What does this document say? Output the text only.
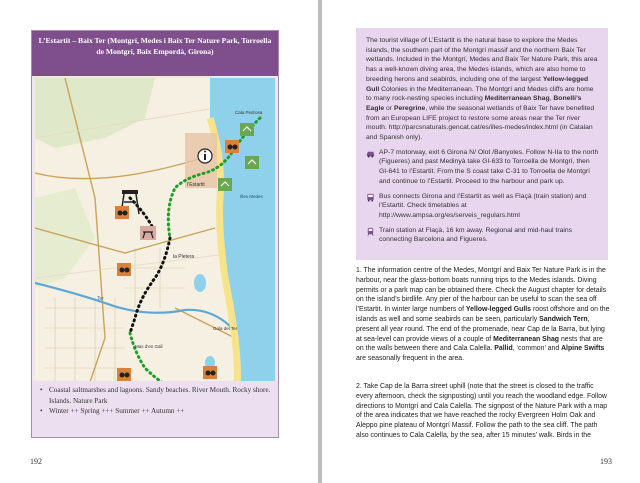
L’Estartit – Baix Ter (Montgrí, Medes i Baix Ter Nature Park, Torroella de Montgrí, Baix Empordà, Girona)
l’Estartit
la Pletera
Cala Pedrosa
Ter
Illes Medes
Mas d’en Gall
Gola del Ter
• Coastal saltmarshes and lagoons. Sandy beaches. River Mouth. Rocky shore. Islands. Nature Park
• Winter ++ Spring +++ Summer ++ Autumn ++
192
The tourist village of L’Estartit is the natural base to explore the Medes islands, the southern part of the Montgrí massif and the northern Baix Ter wetlands. Included in the Montgrí, Medes and Baix Ter Nature Park, this area has a well-known diving area, the Medes islands, which are also home to breeding herons and seabirds, including one of the largest Yellow-legged Gull Colonies in the Mediterranean. The Montgrí and Medes cliffs are home to many rock-nesting species including Mediterranean Shag, Bonelli’s Eagle or Peregrine, while the seasonal wetlands of Baix Ter have benefited from an European LIFE project to restore some areas near the Ter river mouth. http://parcsnaturals.gencat.cat/es/illes-medes/index.html (in Catalan and Spanish only).
AP-7 motorway, exit 6 Girona N/ Olot /Banyoles. Follow N-IIa to the north (Figueres) and past Medinyà take GI-633 to Torroella de Montgrí, then GI-641 to l’Estartit. From the S coast take C-31 to Torroella de Montgrí and continue to l’Estartit. Proceed to the harbour and park up.
Bus connects Girona and l’Estartit as well as Flaçà (train station) and l’Estartit. Check timetables at http://www.ampsa.org/es/serveis_regulars.html
Train station at Flaçà, 16 km away. Regional and mid-haul trains connecting Barcelona and Figueres.
1. The information centre of the Medes, Montgrí and Baix Ter Nature Park is in the harbour, near the glass-bottom boats running trips to the Medes islands. Diving permits or a park map can be obtained there. Check the August chapter for details on the island’s birdlife. Any pier of the harbour can be useful to scan the sea off l’Estartit. In winter large numbers of Yellow-legged Gulls roost offshore and on the islands as well and some seabirds can be seen, particularly Sandwich Tern, present all year round. The end of the promenade, near Cap de la Barra, but lying at sea-level can provide views of a couple of Mediterranean Shag nests that are on the walls between there and Cala Calella. Pallid, ‘common’ and Alpine Swifts are seasonally frequent in the area.
2. Take Cap de la Barra street uphill (note that the street is closed to the traffic every afternoon, check the signposting) until you reach the woodland edge. Follow directions to Montgrí and Cala Calella. The signpost of the Nature Park with a map of the area indicates that we have reached the rocky Evergreen Holm Oak and Aleppo pine plateau of Montgrí Massif. Follow the path to the sea cliff. The path also continues to Cala Calella, by the sea, after 15 minutes’ walk. Birds in the
193
